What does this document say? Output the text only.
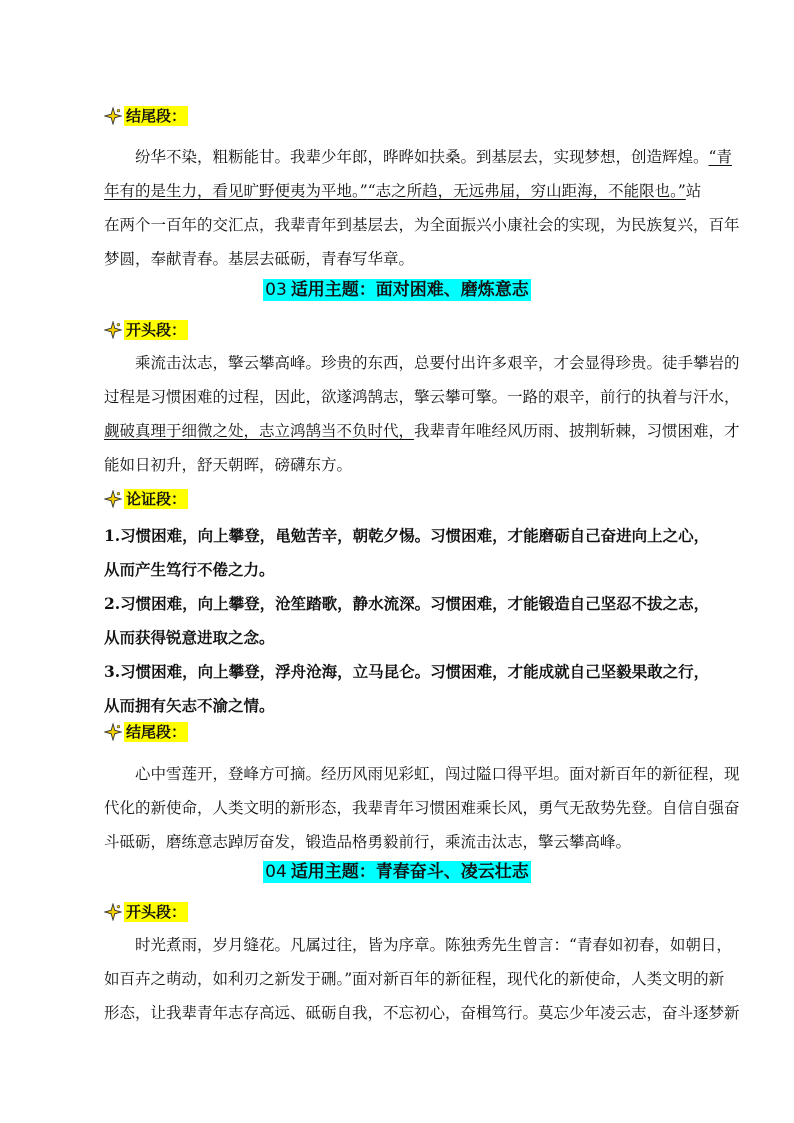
结尾段：
纷华不染，粗粝能甘。我辈少年郎，晔晔如扶桑。到基层去，实现梦想，创造辉煌。“青
年有的是生力，看见旷野便夷为平地。”“志之所趋，无远弗届，穷山距海，不能限也。”站
在两个一百年的交汇点，我辈青年到基层去，为全面振兴小康社会的实现，为民族复兴，百年
梦圆，奉献青春。基层去砥砺，青春写华章。
03 适用主题：面对困难、磨炼意志
开头段：
乘流击汰志，擎云攀高峰。珍贵的东西，总要付出许多艰辛，才会显得珍贵。徒手攀岩的
过程是习惯困难的过程，因此，欲遂鸿鹄志，擎云攀可擎。一路的艰辛，前行的执着与汗水，
觑破真理于细微之处，志立鸿鹄当不负时代，我辈青年唯经风历雨、披荆斩棘，习惯困难，才
能如日初升，舒天朝晖，磅礴东方。
论证段：
1.习惯困难，向上攀登，黾勉苦辛，朝乾夕惕。习惯困难，才能磨砺自己奋进向上之心，
从而产生笃行不倦之力。
2.习惯困难，向上攀登，沧笙踏歌，静水流深。习惯困难，才能锻造自己坚忍不拔之志，
从而获得锐意进取之念。
3.习惯困难，向上攀登，浮舟沧海，立马昆仑。习惯困难，才能成就自己坚毅果敢之行，
从而拥有矢志不渝之情。
结尾段：
心中雪莲开，登峰方可摘。经历风雨见彩虹，闯过隘口得平坦。面对新百年的新征程，现
代化的新使命，人类文明的新形态，我辈青年习惯困难乘长风，勇气无敌势先登。自信自强奋
斗砥砺，磨练意志踔厉奋发，锻造品格勇毅前行，乘流击汰志，擎云攀高峰。
04 适用主题：青春奋斗、凌云壮志
开头段：
时光煮雨，岁月缝花。凡属过往，皆为序章。陈独秀先生曾言：“青春如初春，如朝日，
如百卉之萌动，如利刃之新发于硎。”面对新百年的新征程，现代化的新使命，人类文明的新
形态，让我辈青年志存高远、砥砺自我，不忘初心，奋楫笃行。莫忘少年凌云志，奋斗逐梦新
